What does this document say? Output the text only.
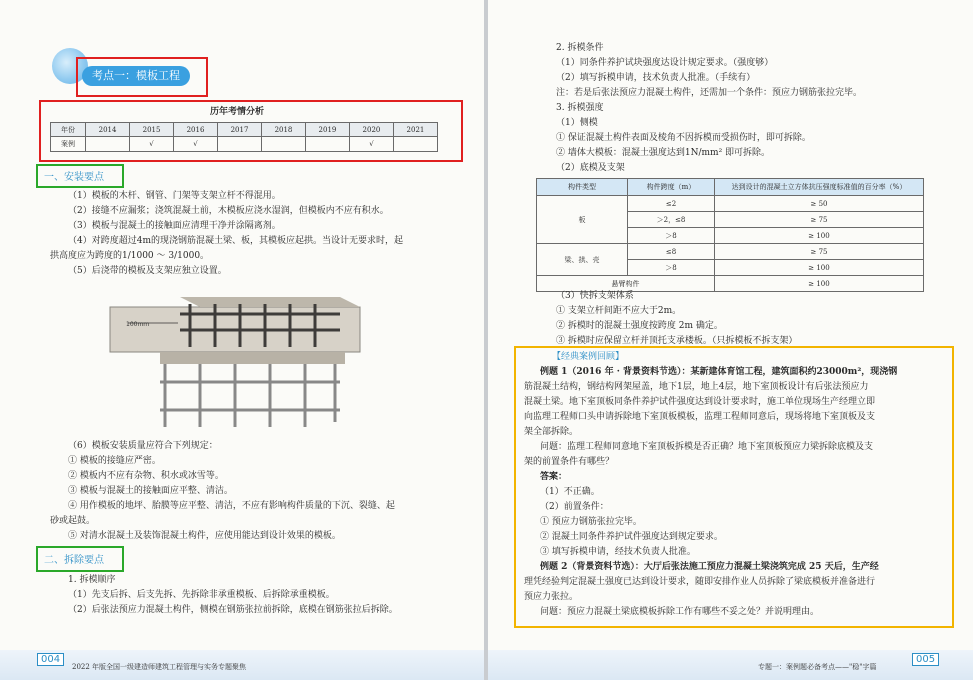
考点一：模板工程
历年考情分析
年份	2014	2015	2016	2017	2018	2019	2020	2021
案例		√	√				√	
一、安装要点
（1）模板的木杆、钢管、门架等支架立杆不得混用。
（2）接缝不应漏浆；浇筑混凝土前，木模板应浇水湿润，但模板内不应有积水。
（3）模板与混凝土的接触面应清理干净并涂隔离剂。
（4）对跨度超过4m的现浇钢筋混凝土梁、板，其模板应起拱。当设计无要求时，起
拱高度应为跨度的1/1000 ～ 3/1000。
（5）后浇带的模板及支架应独立设置。
100mm
（6）模板安装质量应符合下列规定：
① 模板的接缝应严密。
② 模板内不应有杂物、积水或冰雪等。
③ 模板与混凝土的接触面应平整、清洁。
④ 用作模板的地坪、胎膜等应平整、清洁，不应有影响构件质量的下沉、裂缝、起
砂或起鼓。
⑤ 对清水混凝土及装饰混凝土构件，应使用能达到设计效果的模板。
二、拆除要点
1. 拆模顺序
（1）先支后拆、后支先拆、先拆除非承重模板、后拆除承重模板。
（2）后张法预应力混凝土构件，侧模在钢筋张拉前拆除，底模在钢筋张拉后拆除。
004
2022 年版全国一级建造师建筑工程管理与实务专题聚焦
2. 拆模条件
（1）同条件养护试块强度达设计规定要求。（强度够）
（2）填写拆模申请，技术负责人批准。（手续有）
注：若是后张法预应力混凝土构件，还需加一个条件：预应力钢筋张拉完毕。
3. 拆模强度
（1）侧模
① 保证混凝土构件表面及棱角不因拆模而受损伤时，即可拆除。
② 墙体大模板：混凝土强度达到1N/mm² 即可拆除。
（2）底模及支架
构件类型	构件跨度（m）	达到设计的混凝土立方体抗压强度标准值的百分率（%）
板	≤2	≥ 50
	＞2，≤8	≥ 75
	＞8	≥ 100
梁、拱、壳	≤8	≥ 75
	＞8	≥ 100
悬臂构件		≥ 100
（3）快拆支架体系
① 支架立杆间距不应大于2m。
② 拆模时的混凝土强度按跨度 2m 确定。
③ 拆模时应保留立杆并顶托支承楼板。（只拆模板不拆支架）
【经典案例回顾】
例题 1（2016 年 · 背景资料节选）：某新建体育馆工程，建筑面积约23000m²，现浇钢
筋混凝土结构，钢结构网架屋盖，地下1层，地上4层，地下室顶板设计有后张法预应力
混凝土梁。地下室顶板同条件养护试件强度达到设计要求时，施工单位现场生产经理立即
向监理工程师口头申请拆除地下室顶板模板，监理工程师同意后，现场将地下室顶板及支
架全部拆除。
问题：监理工程师同意地下室顶板拆模是否正确？地下室顶板预应力梁拆除底模及支
架的前置条件有哪些？
答案：
（1）不正确。
（2）前置条件：
① 预应力钢筋张拉完毕。
② 混凝土同条件养护试件强度达到规定要求。
③ 填写拆模申请，经技术负责人批准。
例题 2（背景资料节选）：大厅后张法施工预应力混凝土梁浇筑完成 25 天后，生产经
理凭经验判定混凝土强度已达到设计要求，随即安排作业人员拆除了梁底模板并准备进行
预应力张拉。
问题：预应力混凝土梁底模板拆除工作有哪些不妥之处？并说明理由。
专题一：案例题必备考点——"稳"字篇
005
